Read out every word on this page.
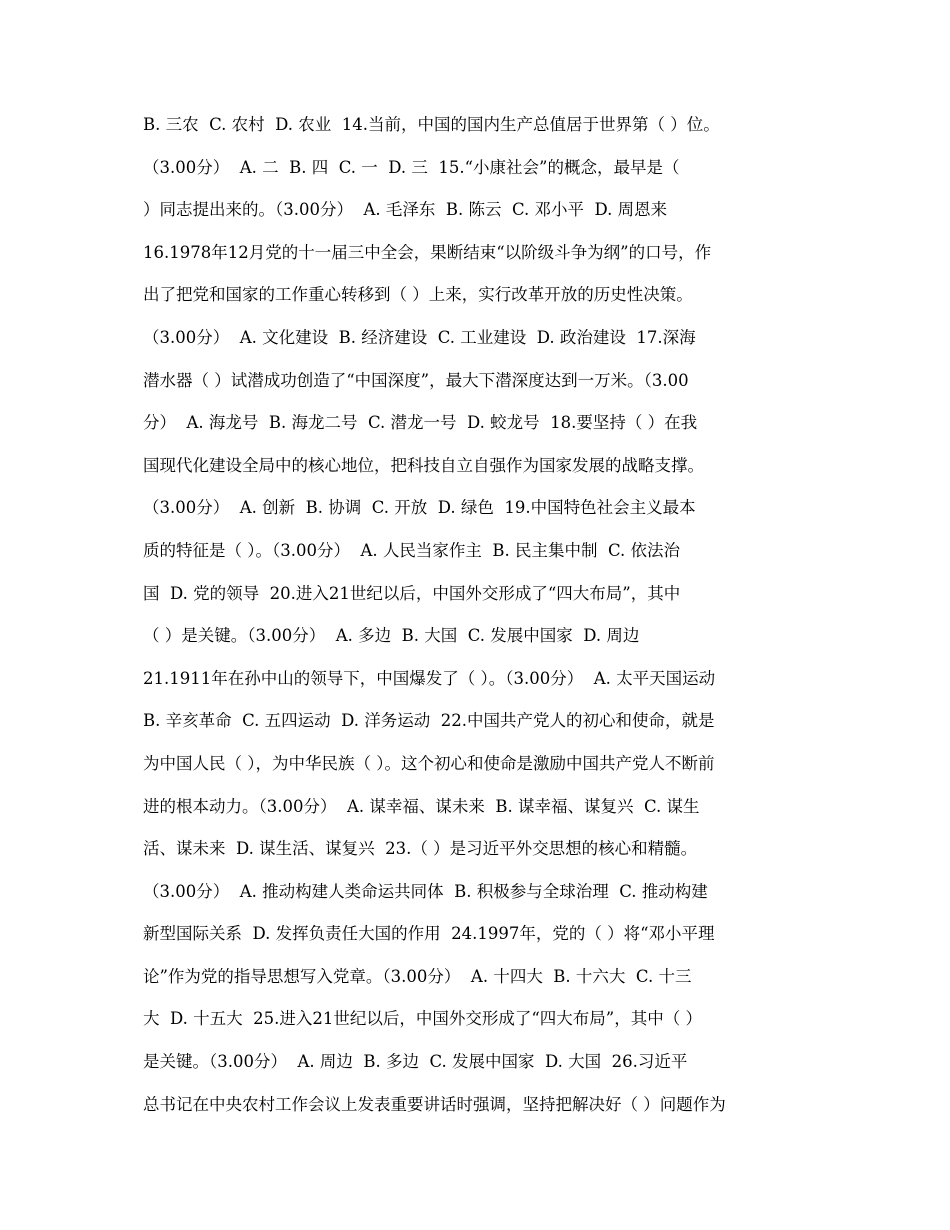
B. 三农  C. 农村  D. 农业  14.当前，中国的国内生产总值居于世界第（ ）位。
（3.00分）  A. 二  B. 四  C. 一  D. 三  15.“小康社会”的概念，最早是（
）同志提出来的。（3.00分）  A. 毛泽东  B. 陈云  C. 邓小平  D. 周恩来
16.1978年12月党的十一届三中全会，果断结束“以阶级斗争为纲”的口号，作
出了把党和国家的工作重心转移到（ ）上来，实行改革开放的历史性决策。
（3.00分）  A. 文化建设  B. 经济建设  C. 工业建设  D. 政治建设  17.深海
潜水器（ ）试潜成功创造了“中国深度”，最大下潜深度达到一万米。（3.00
分）  A. 海龙号  B. 海龙二号  C. 潜龙一号  D. 蛟龙号  18.要坚持（ ）在我
国现代化建设全局中的核心地位，把科技自立自强作为国家发展的战略支撑。
（3.00分）  A. 创新  B. 协调  C. 开放  D. 绿色  19.中国特色社会主义最本
质的特征是（ ）。（3.00分）  A. 人民当家作主  B. 民主集中制  C. 依法治
国  D. 党的领导  20.进入21世纪以后，中国外交形成了“四大布局”，其中
（ ）是关键。（3.00分）  A. 多边  B. 大国  C. 发展中国家  D. 周边
21.1911年在孙中山的领导下，中国爆发了（ ）。（3.00分）  A. 太平天国运动
B. 辛亥革命  C. 五四运动  D. 洋务运动  22.中国共产党人的初心和使命，就是
为中国人民（ ），为中华民族（ ）。这个初心和使命是激励中国共产党人不断前
进的根本动力。（3.00分）  A. 谋幸福、谋未来  B. 谋幸福、谋复兴  C. 谋生
活、谋未来  D. 谋生活、谋复兴  23.（ ）是习近平外交思想的核心和精髓。
（3.00分）  A. 推动构建人类命运共同体  B. 积极参与全球治理  C. 推动构建
新型国际关系  D. 发挥负责任大国的作用  24.1997年，党的（ ）将“邓小平理
论”作为党的指导思想写入党章。（3.00分）  A. 十四大  B. 十六大  C. 十三
大  D. 十五大  25.进入21世纪以后，中国外交形成了“四大布局”，其中（ ）
是关键。（3.00分）  A. 周边  B. 多边  C. 发展中国家  D. 大国  26.习近平
总书记在中央农村工作会议上发表重要讲话时强调，坚持把解决好（ ）问题作为
